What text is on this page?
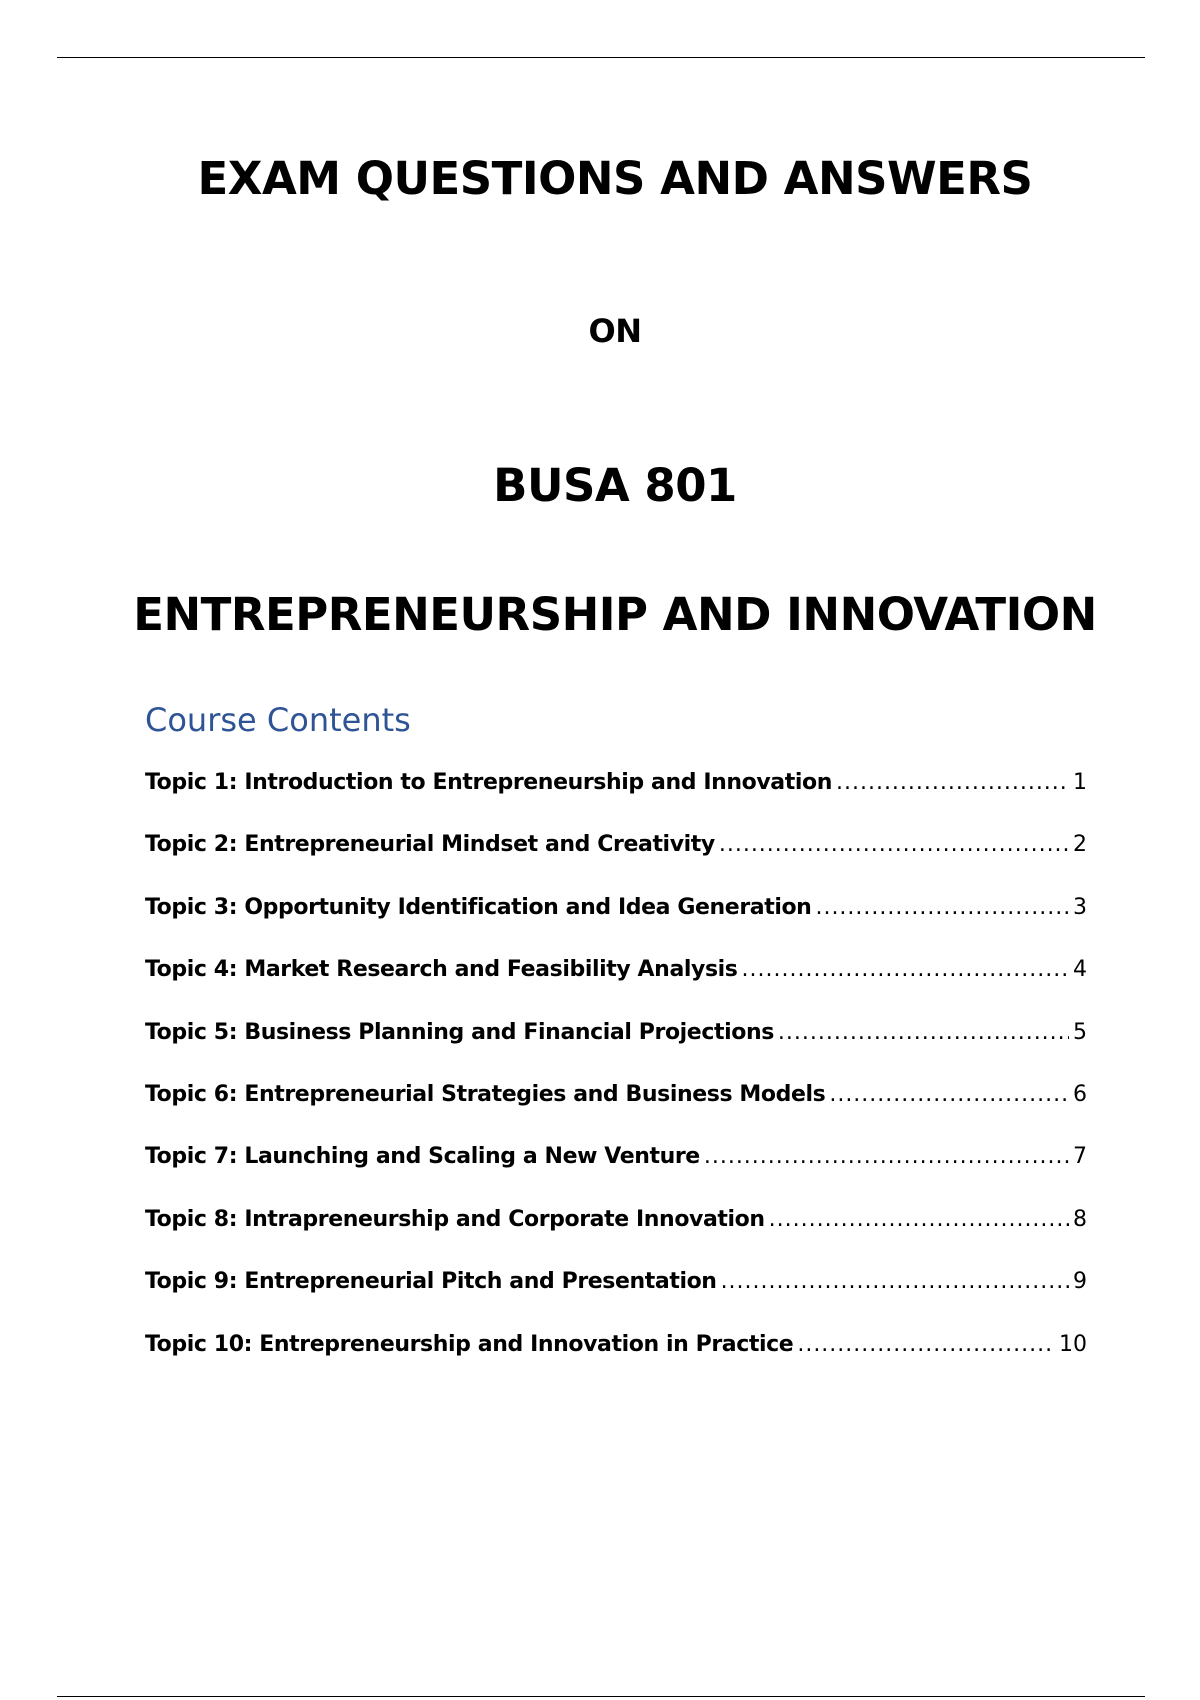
EXAM QUESTIONS AND ANSWERS
ON
BUSA 801
ENTREPRENEURSHIP AND INNOVATION
Course Contents
Topic 1: Introduction to Entrepreneurship and Innovation .....	1
Topic 2: Entrepreneurial Mindset and Creativity .....	2
Topic 3: Opportunity Identification and Idea Generation .....	3
Topic 4: Market Research and Feasibility Analysis .....	4
Topic 5: Business Planning and Financial Projections .....	5
Topic 6: Entrepreneurial Strategies and Business Models .....	6
Topic 7: Launching and Scaling a New Venture .....	7
Topic 8: Intrapreneurship and Corporate Innovation .....	8
Topic 9: Entrepreneurial Pitch and Presentation .....	9
Topic 10: Entrepreneurship and Innovation in Practice .....	10
